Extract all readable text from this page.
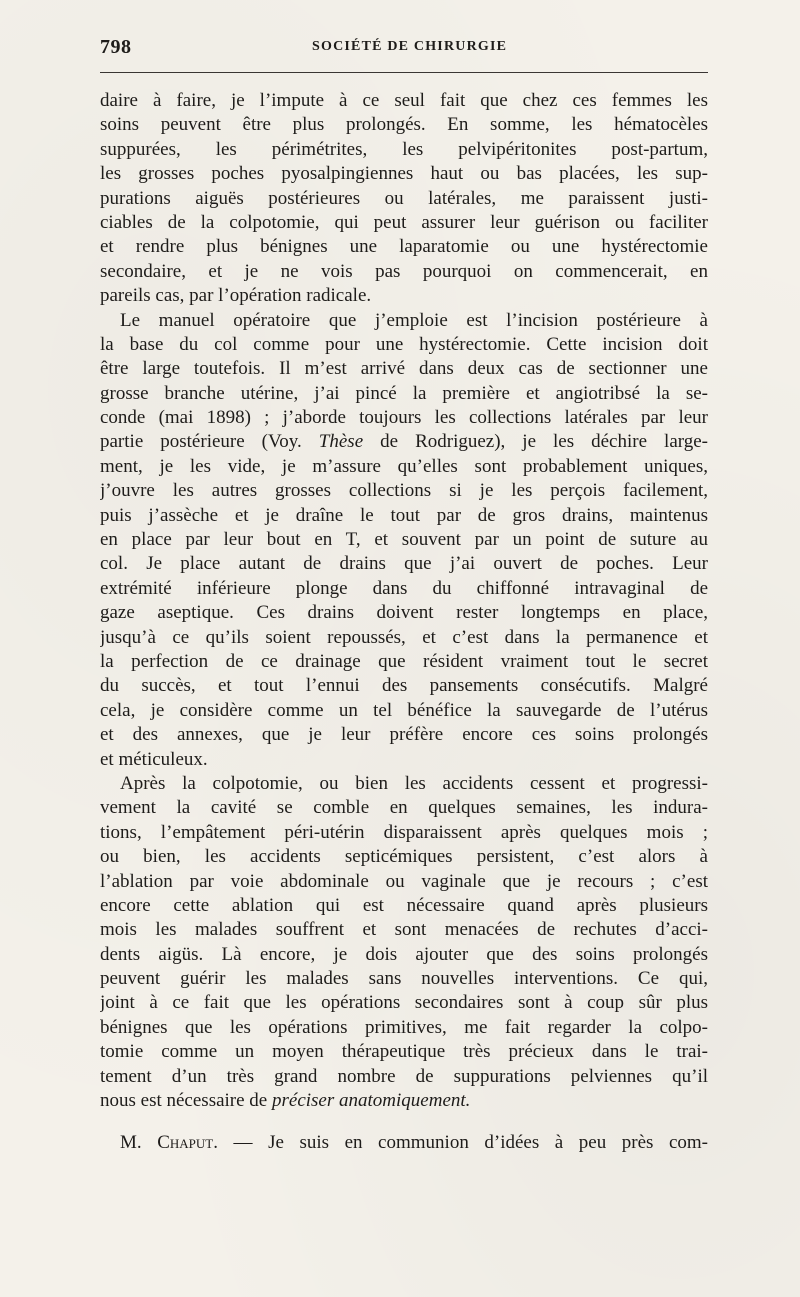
798	SOCIÉTÉ DE CHIRURGIE
daire à faire, je l’impute à ce seul fait que chez ces femmes les
soins peuvent être plus prolongés. En somme, les hématocèles
suppurées, les périmétrites, les pelvipéritonites post-partum,
les grosses poches pyosalpingiennes haut ou bas placées, les sup-
purations aiguës postérieures ou latérales, me paraissent justi-
ciables de la colpotomie, qui peut assurer leur guérison ou faciliter
et rendre plus bénignes une laparatomie ou une hystérectomie
secondaire, et je ne vois pas pourquoi on commencerait, en
pareils cas, par l’opération radicale.
Le manuel opératoire que j’emploie est l’incision postérieure à
la base du col comme pour une hystérectomie. Cette incision doit
être large toutefois. Il m’est arrivé dans deux cas de sectionner une
grosse branche utérine, j’ai pincé la première et angiotribsé la se-
conde (mai 1898) ; j’aborde toujours les collections latérales par leur
partie postérieure (Voy. Thèse de Rodriguez), je les déchire large-
ment, je les vide, je m’assure qu’elles sont probablement uniques,
j’ouvre les autres grosses collections si je les perçois facilement,
puis j’assèche et je draîne le tout par de gros drains, maintenus
en place par leur bout en T, et souvent par un point de suture au
col. Je place autant de drains que j’ai ouvert de poches. Leur
extrémité inférieure plonge dans du chiffonné intravaginal de
gaze aseptique. Ces drains doivent rester longtemps en place,
jusqu’à ce qu’ils soient repoussés, et c’est dans la permanence et
la perfection de ce drainage que résident vraiment tout le secret
du succès, et tout l’ennui des pansements consécutifs. Malgré
cela, je considère comme un tel bénéfice la sauvegarde de l’utérus
et des annexes, que je leur préfère encore ces soins prolongés
et méticuleux.
Après la colpotomie, ou bien les accidents cessent et progressi-
vement la cavité se comble en quelques semaines, les indura-
tions, l’empâtement péri-utérin disparaissent après quelques mois ;
ou bien, les accidents septicémiques persistent, c’est alors à
l’ablation par voie abdominale ou vaginale que je recours ; c’est
encore cette ablation qui est nécessaire quand après plusieurs
mois les malades souffrent et sont menacées de rechutes d’acci-
dents aigüs. Là encore, je dois ajouter que des soins prolongés
peuvent guérir les malades sans nouvelles interventions. Ce qui,
joint à ce fait que les opérations secondaires sont à coup sûr plus
bénignes que les opérations primitives, me fait regarder la colpo-
tomie comme un moyen thérapeutique très précieux dans le trai-
tement d’un très grand nombre de suppurations pelviennes qu’il
nous est nécessaire de préciser anatomiquement.
M. Chaput. — Je suis en communion d’idées à peu près com-
